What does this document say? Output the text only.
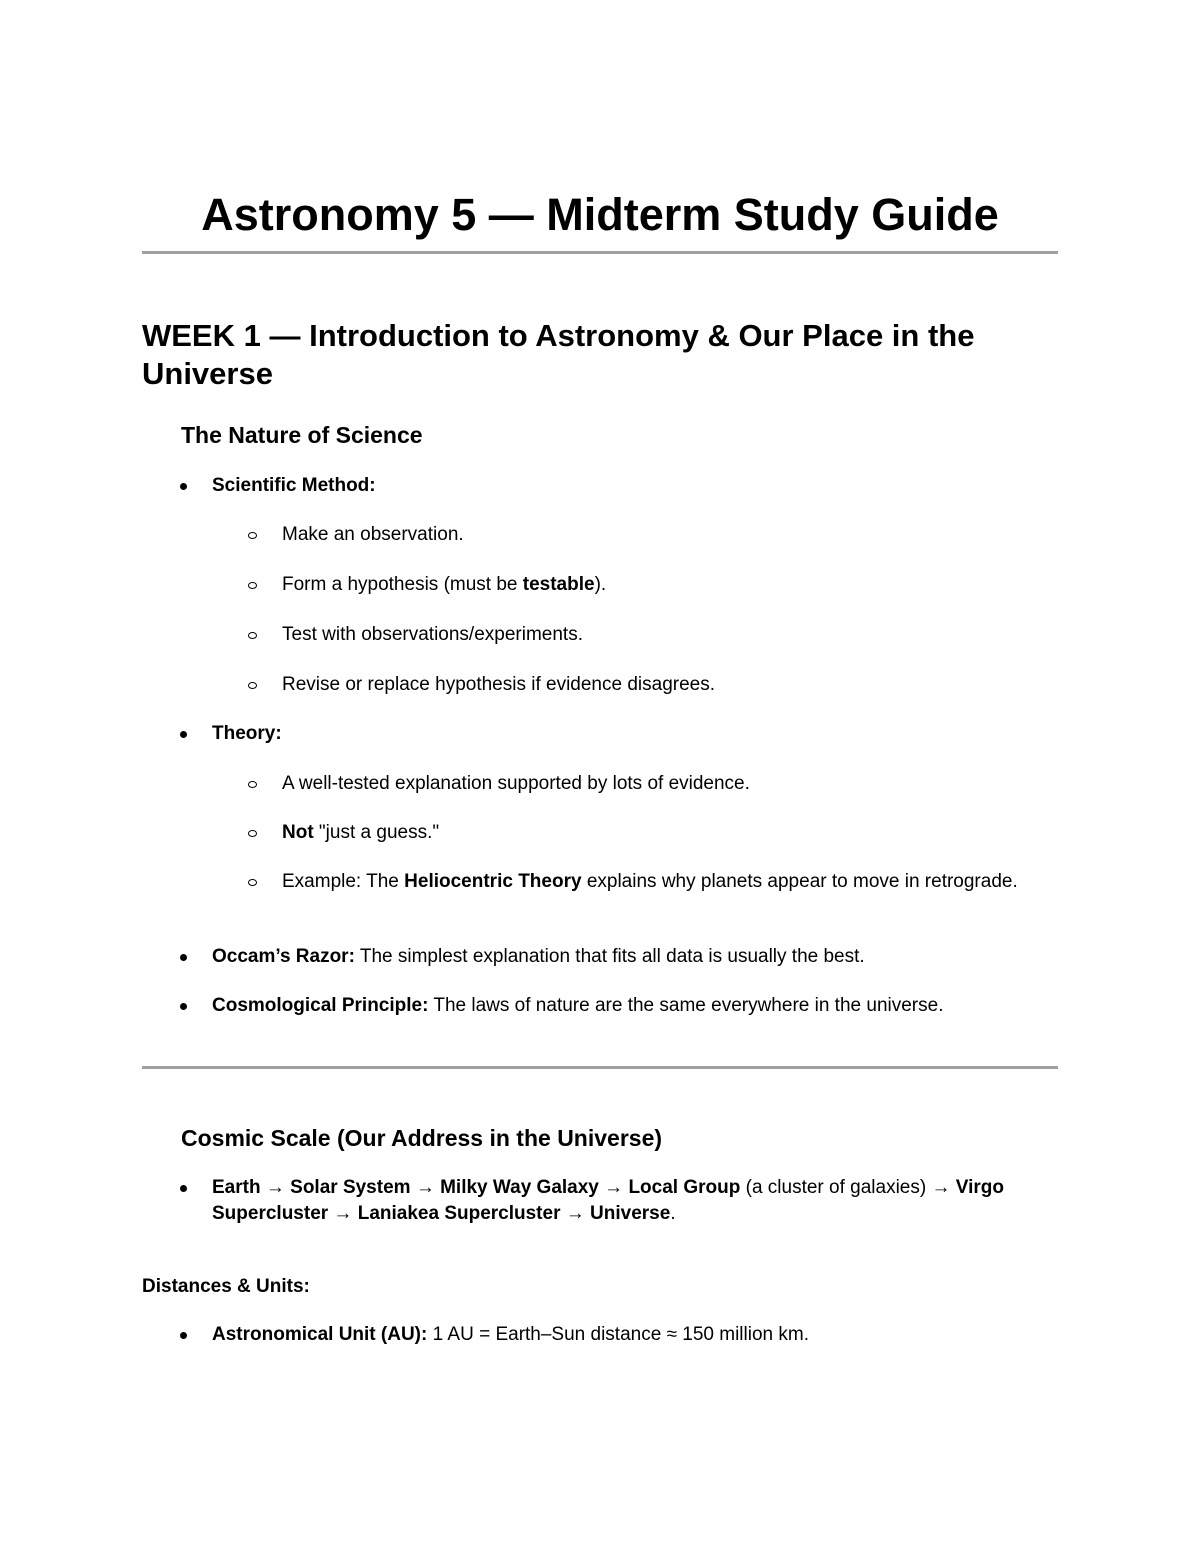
Astronomy 5 — Midterm Study Guide
WEEK 1 — Introduction to Astronomy & Our Place in the Universe
The Nature of Science
Scientific Method:
Make an observation.
Form a hypothesis (must be testable).
Test with observations/experiments.
Revise or replace hypothesis if evidence disagrees.
Theory:
A well-tested explanation supported by lots of evidence.
Not "just a guess."
Example: The Heliocentric Theory explains why planets appear to move in retrograde.
Occam’s Razor: The simplest explanation that fits all data is usually the best.
Cosmological Principle: The laws of nature are the same everywhere in the universe.
Cosmic Scale (Our Address in the Universe)
Earth → Solar System → Milky Way Galaxy → Local Group (a cluster of galaxies) → Virgo Supercluster → Laniakea Supercluster → Universe.
Distances & Units:
Astronomical Unit (AU): 1 AU = Earth–Sun distance ≈ 150 million km.
